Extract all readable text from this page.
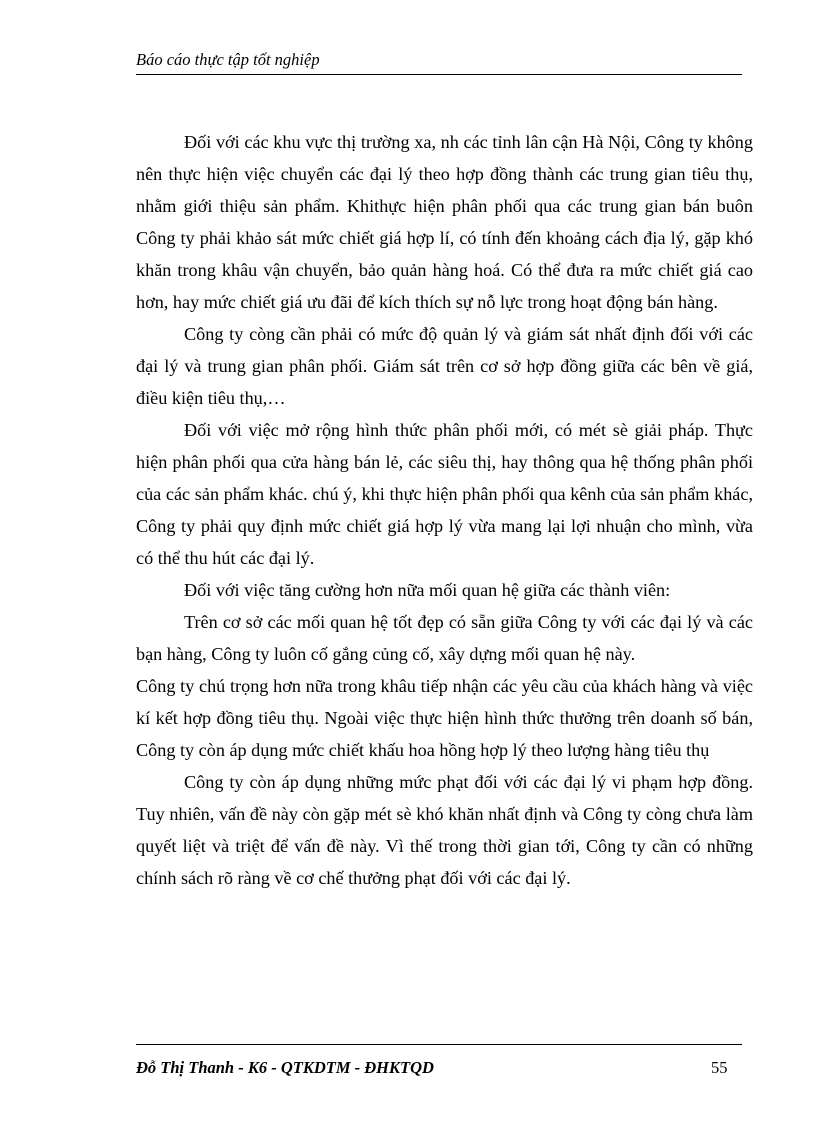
Báo cáo thực tập tốt nghiệp

Đối với các khu vực thị trường xa, nh các tỉnh lân cận Hà Nội, Công ty không nên thực hiện việc chuyển các đại lý theo hợp đồng thành các trung gian tiêu thụ, nhằm giới thiệu sản phẩm. Khithực hiện phân phối qua các trung gian bán buôn Công ty phải khảo sát mức chiết giá hợp lí, có tính đến khoảng cách địa lý, gặp khó khăn trong khâu vận chuyển, bảo quản hàng hoá. Có thể đưa ra mức chiết giá cao hơn, hay mức chiết giá ưu đãi để kích thích sự nỗ lực trong hoạt động bán hàng.

Công ty còng cần phải có mức độ quản lý và giám sát nhất định đối với các đại lý và trung gian phân phối. Giám sát trên cơ sở hợp đồng giữa các bên về giá, điều kiện tiêu thụ,…

Đối với việc mở rộng hình thức phân phối mới, có mét sè giải pháp. Thực hiện phân phối qua cửa hàng bán lẻ, các siêu thị, hay thông qua hệ thống phân phối của các sản phẩm khác. chú ý, khi thực hiện phân phối qua kênh của sản phẩm khác, Công ty phải quy định mức chiết giá hợp lý vừa mang lại lợi nhuận cho mình, vừa có thể thu hút các đại lý.

Đối với việc tăng cường hơn nữa mối quan hệ giữa các thành viên:

Trên cơ sở các mối quan hệ tốt đẹp có sẵn giữa Công ty với các đại lý và các bạn hàng, Công ty luôn cố gắng củng cố, xây dựng mối quan hệ này.

Công ty chú trọng hơn nữa trong khâu tiếp nhận các yêu cầu của khách hàng và việc kí kết hợp đồng tiêu thụ. Ngoài việc thực hiện hình thức thưởng trên doanh số bán, Công ty còn áp dụng mức chiết khấu hoa hồng hợp lý theo lượng hàng tiêu thụ

Công ty còn áp dụng những mức phạt đối với các đại lý vi phạm hợp đồng. Tuy nhiên, vấn đề này còn gặp mét sè khó khăn nhất định và Công ty còng chưa làm quyết liệt và triệt để vấn đề này. Vì thế trong thời gian tới, Công ty cần có những chính sách rõ ràng về cơ chế thưởng phạt đối với các đại lý.

Đỗ Thị Thanh - K6 - QTKDTM - ĐHKTQD	55
